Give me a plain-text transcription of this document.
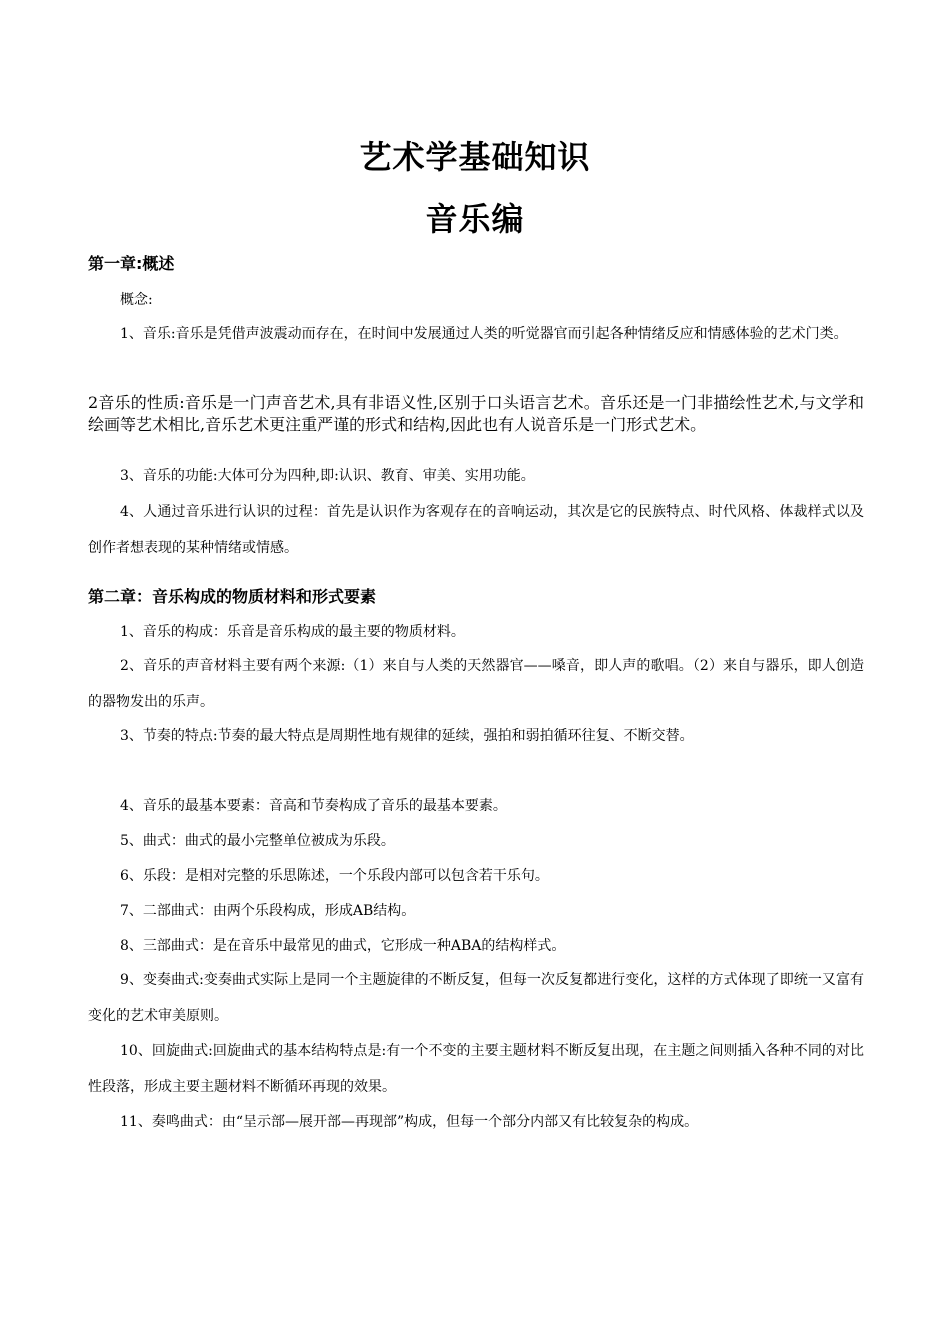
艺术学基础知识
音乐编
第一章:概述

概念:

1、音乐:音乐是凭借声波震动而存在，在时间中发展通过人类的听觉器官而引起各种情绪反应和情感体验的艺术门类。

2音乐的性质:音乐是一门声音艺术,具有非语义性,区别于口头语言艺术。音乐还是一门非描绘性艺术,与文学和绘画等艺术相比,音乐艺术更注重严谨的形式和结构,因此也有人说音乐是一门形式艺术。

3、音乐的功能:大体可分为四种,即:认识、教育、审美、实用功能。

4、人通过音乐进行认识的过程：首先是认识作为客观存在的音响运动，其次是它的民族特点、时代风格、体裁样式以及创作者想表现的某种情绪或情感。

第二章：音乐构成的物质材料和形式要素

1、音乐的构成：乐音是音乐构成的最主要的物质材料。

2、音乐的声音材料主要有两个来源:（1）来自与人类的天然器官——嗓音，即人声的歌唱。（2）来自与器乐，即人创造的器物发出的乐声。

3、节奏的特点:节奏的最大特点是周期性地有规律的延续，强拍和弱拍循环往复、不断交替。

4、音乐的最基本要素：音高和节奏构成了音乐的最基本要素。

5、曲式：曲式的最小完整单位被成为乐段。

6、乐段：是相对完整的乐思陈述，一个乐段内部可以包含若干乐句。

7、二部曲式：由两个乐段构成，形成AB结构。

8、三部曲式：是在音乐中最常见的曲式，它形成一种ABA的结构样式。

9、变奏曲式:变奏曲式实际上是同一个主题旋律的不断反复，但每一次反复都进行变化，这样的方式体现了即统一又富有变化的艺术审美原则。

10、回旋曲式:回旋曲式的基本结构特点是:有一个不变的主要主题材料不断反复出现，在主题之间则插入各种不同的对比性段落，形成主要主题材料不断循环再现的效果。

11、奏鸣曲式：由“呈示部—展开部—再现部”构成，但每一个部分内部又有比较复杂的构成。
